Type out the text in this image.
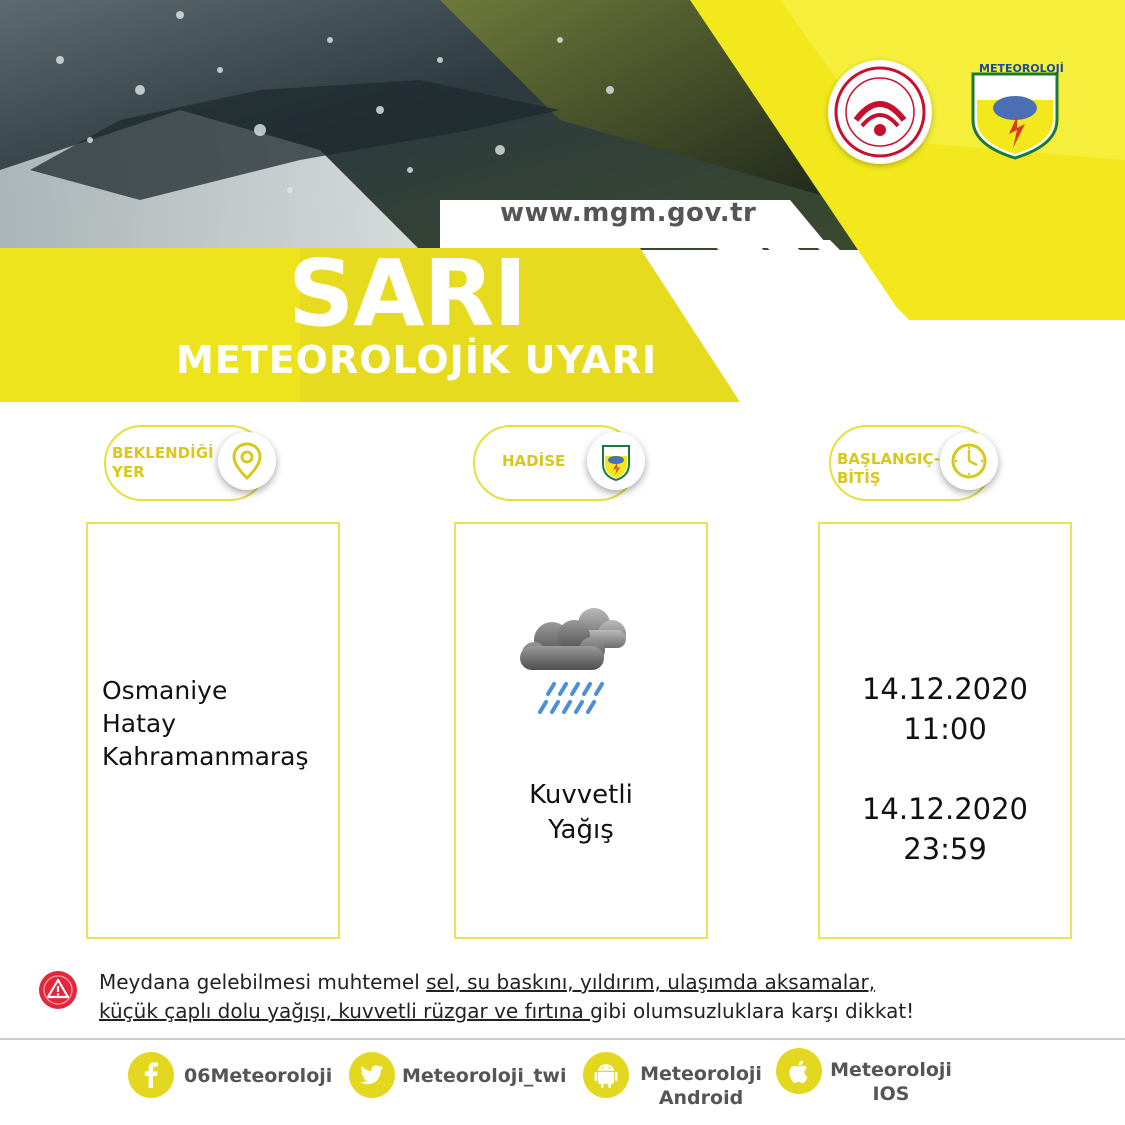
METEOROLOJİ
www.mgm.gov.tr
SARI
METEOROLOJİK UYARI
BEKLENDİĞİ
YER
HADİSE	BAŞLANGIÇ-
BİTİŞ
Osmaniye
Hatay
Kahramanmaraş
Kuvvetli
Yağış
14.12.2020
11:00
14.12.2020
23:59
Meydana gelebilmesi muhtemel sel, su baskını, yıldırım, ulaşımda aksamalar,
küçük çaplı dolu yağışı, kuvvetli rüzgar ve fırtına gibi olumsuzluklara karşı dikkat!
06Meteoroloji	Meteoroloji_twi	Meteoroloji
Android
Meteoroloji
IOS
